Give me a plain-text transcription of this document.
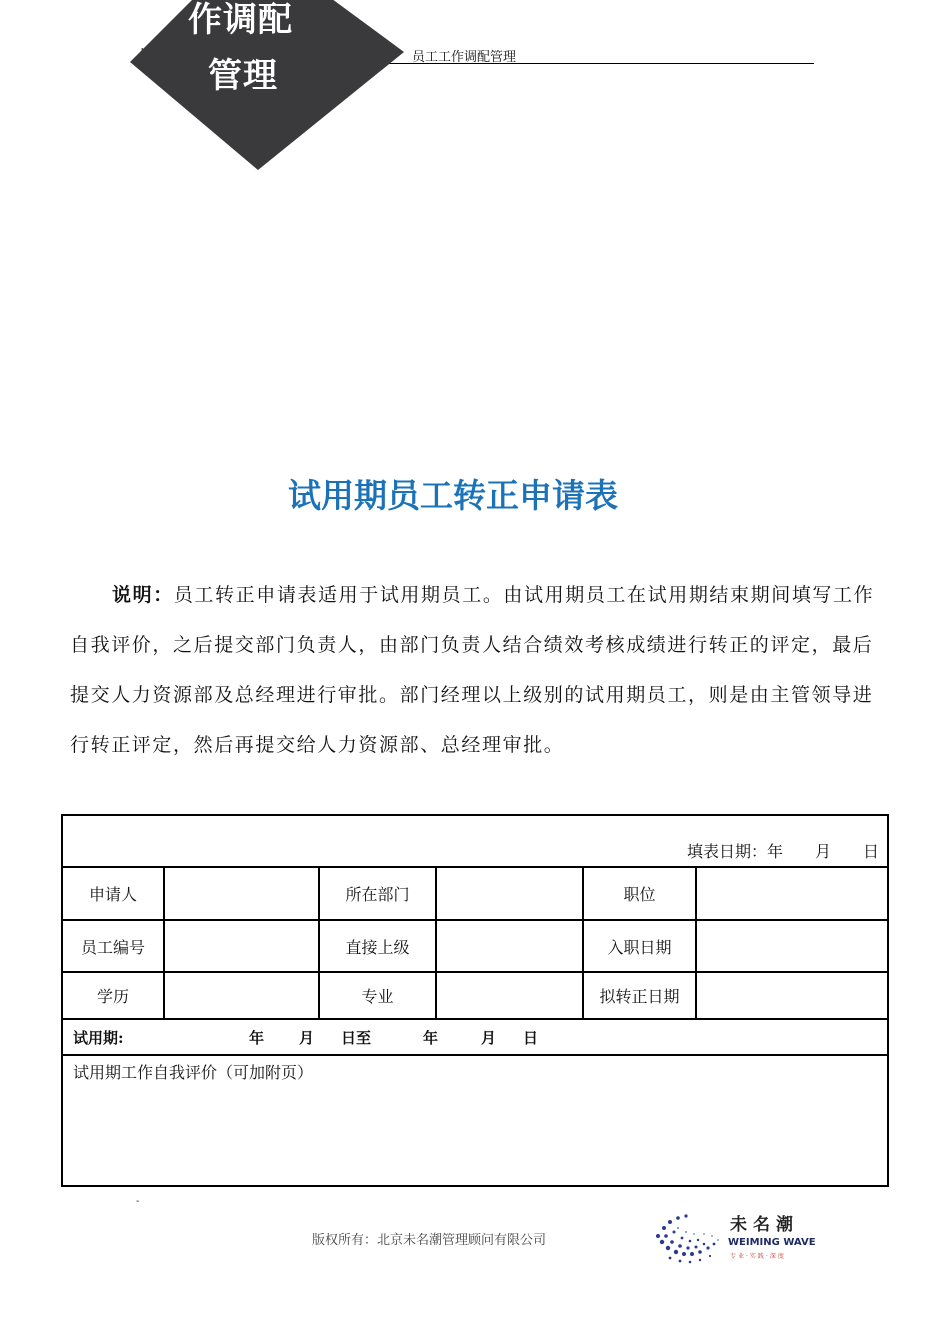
员工工作调配管理
作调配
管理
试用期员工转正申请表
说明：员工转正申请表适用于试用期员工。由试用期员工在试用期结束期间填写工作自我评价，之后提交部门负责人，由部门负责人结合绩效考核成绩进行转正的评定，最后提交人力资源部及总经理进行审批。部门经理以上级别的试用期员工，则是由主管领导进行转正评定，然后再提交给人力资源部、总经理审批。
填表日期：年　　月　　日
申请人	所在部门	职位
员工编号	直接上级	入职日期
学历	专业	拟转正日期
试用期:	年	月	日至	年	月	日
试用期工作自我评价（可加附页）
-
版权所有：北京未名潮管理顾问有限公司
未名潮
WEIMING WAVE
专业·实践·深度
